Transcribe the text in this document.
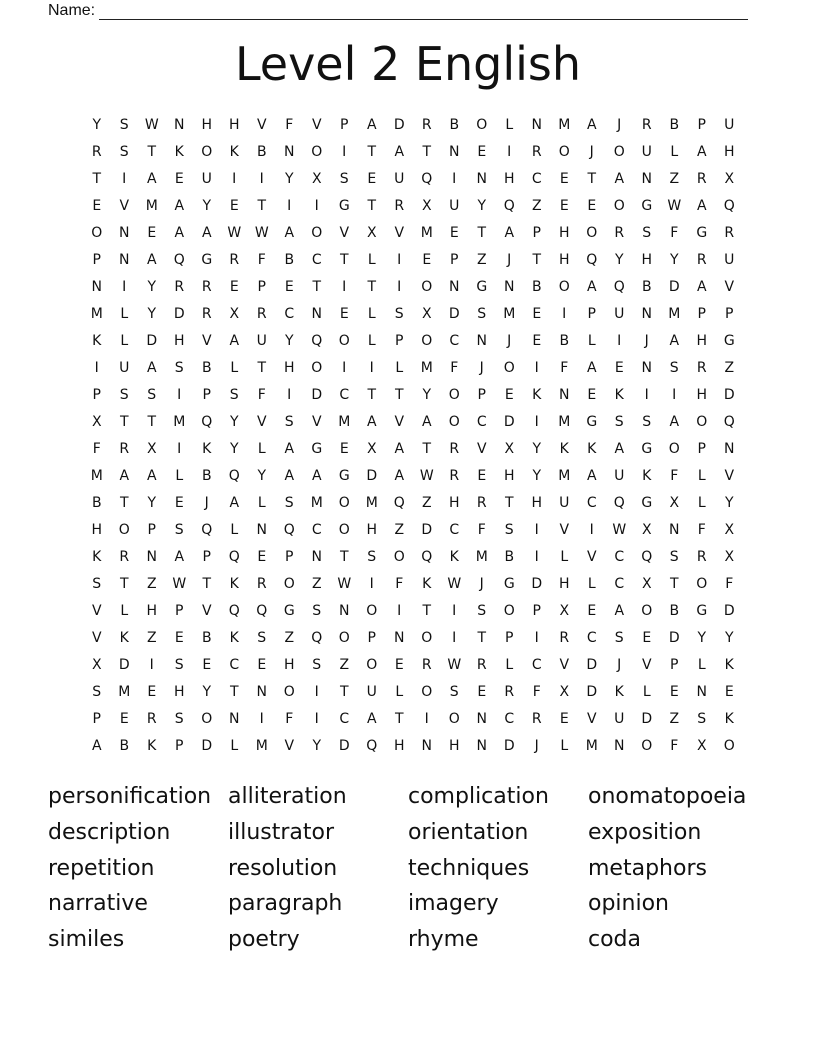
Name:
Level 2 English
Y	S	W	N	H	H	V	F	V	P	A	D	R	B	O	L	N	M	A	J	R	B	P	U
R	S	T	K	O	K	B	N	O	I	T	A	T	N	E	I	R	O	J	O	U	L	A	H
T	I	A	E	U	I	I	Y	X	S	E	U	Q	I	N	H	C	E	T	A	N	Z	R	X
E	V	M	A	Y	E	T	I	I	G	T	R	X	U	Y	Q	Z	E	E	O	G	W	A	Q
O	N	E	A	A	W W	A	O	V	X	V	M	E	T	A	P	H	O	R	S	F	G	R
P	N	A	Q	G	R	F	B	C	T	L	I	E	P	Z	J	T	H	Q	Y	H	Y	R	U
N	I	Y	R	R	E	P	E	T	I	T	I	O	N	G	N	B	O	A	Q	B	D	A	V
M	L	Y	D	R	X	R	C	N	E	L	S	X	D	S	M	E	I	P	U	N	M	P	P
K	L	D	H	V	A	U	Y	Q	O	L	P	O	C	N	J	E	B	L	I	J	A	H	G
I	U	A	S	B	L	T	H	O	I	I	L	M	F	J	O	I	F	A	E	N	S	R	Z
P	S	S	I	P	S	F	I	D	C	T	T	Y	O	P	E	K	N	E	K	I	I	H	D
X	T	T	M	Q	Y	V	S	V	M	A	V	A	O	C	D	I	M	G	S	S	A	O	Q
F	R	X	I	K	Y	L	A	G	E	X	A	T	R	V	X	Y	K	K	A	G	O	P	N
M	A	A	L	B	Q	Y	A	A	G	D	A	W	R	E	H	Y	M	A	U	K	F	L	V
B	T	Y	E	J	A	L	S	M	O	M	Q	Z	H	R	T	H	U	C	Q	G	X	L	Y
H	O	P	S	Q	L	N	Q	C	O	H	Z	D	C	F	S	I	V	I	W	X	N	F	X
K	R	N	A	P	Q	E	P	N	T	S	O	Q	K	M	B	I	L	V	C	Q	S	R	X
S	T	Z	W	T	K	R	O	Z	W	I	F	K	W	J	G	D	H	L	C	X	T	O	F
V	L	H	P	V	Q	Q	G	S	N	O	I	T	I	S	O	P	X	E	A	O	B	G	D
V	K	Z	E	B	K	S	Z	Q	O	P	N	O	I	T	P	I	R	C	S	E	D	Y	Y
X	D	I	S	E	C	E	H	S	Z	O	E	R	W	R	L	C	V	D	J	V	P	L	K
S	M	E	H	Y	T	N	O	I	T	U	L	O	S	E	R	F	X	D	K	L	E	N	E
P	E	R	S	O	N	I	F	I	C	A	T	I	O	N	C	R	E	V	U	D	Z	S	K
A	B	K	P	D	L	M	V	Y	D	Q	H	N	H	N	D	J	L	M	N	O	F	X	O
personification alliteration	complication	onomatopoeia
description	illustrator	orientation	exposition
repetition	resolution	techniques	metaphors
narrative	paragraph	imagery	opinion
similes	poetry	rhyme	coda
